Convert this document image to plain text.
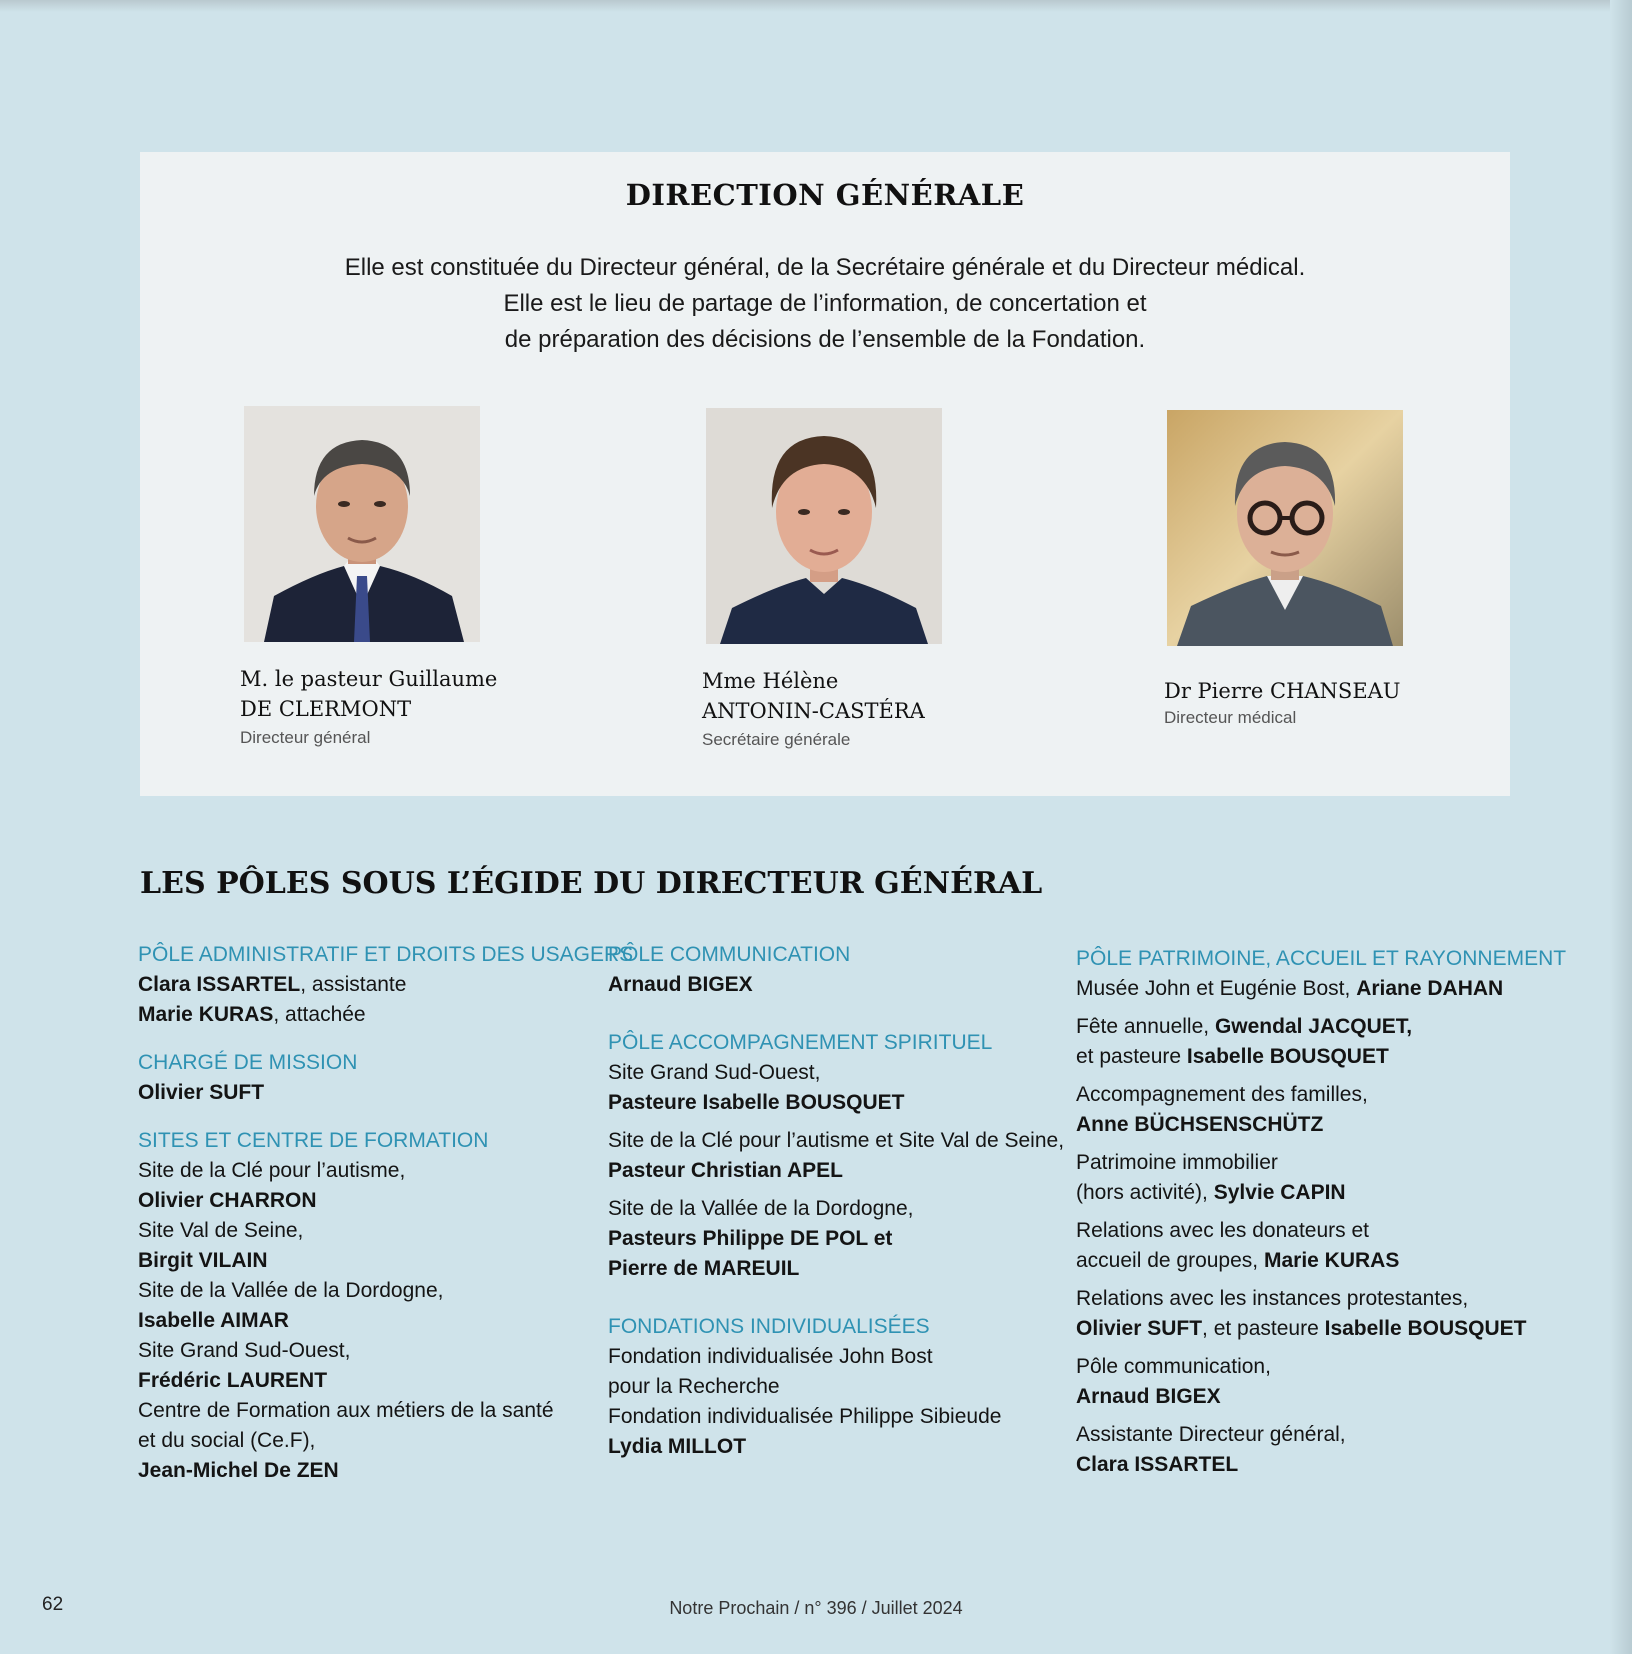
DIRECTION GÉNÉRALE
Elle est constituée du Directeur général, de la Secrétaire générale et du Directeur médical.
Elle est le lieu de partage de l’information, de concertation et
de préparation des décisions de l’ensemble de la Fondation.
M. le pasteur Guillaume
DE CLERMONT
Directeur général
Mme Hélène
ANTONIN-CASTÉRA
Secrétaire générale
Dr Pierre CHANSEAU
Directeur médical
LES PÔLES SOUS L’ÉGIDE DU DIRECTEUR GÉNÉRAL
PÔLE ADMINISTRATIF ET DROITS DES USAGERS
Clara ISSARTEL, assistante
Marie KURAS, attachée
CHARGÉ DE MISSION
Olivier SUFT
SITES ET CENTRE DE FORMATION
Site de la Clé pour l’autisme,
Olivier CHARRON
Site Val de Seine,
Birgit VILAIN
Site de la Vallée de la Dordogne,
Isabelle AIMAR
Site Grand Sud-Ouest,
Frédéric LAURENT
Centre de Formation aux métiers de la santé
et du social (Ce.F),
Jean-Michel De ZEN
PÔLE COMMUNICATION
Arnaud BIGEX
PÔLE ACCOMPAGNEMENT SPIRITUEL
Site Grand Sud-Ouest,
Pasteure Isabelle BOUSQUET
Site de la Clé pour l’autisme et Site Val de Seine,
Pasteur Christian APEL
Site de la Vallée de la Dordogne,
Pasteurs Philippe DE POL et
Pierre de MAREUIL
FONDATIONS INDIVIDUALISÉES
Fondation individualisée John Bost
pour la Recherche
Fondation individualisée Philippe Sibieude
Lydia MILLOT
PÔLE PATRIMOINE, ACCUEIL ET RAYONNEMENT
Musée John et Eugénie Bost, Ariane DAHAN
Fête annuelle, Gwendal JACQUET,
et pasteure Isabelle BOUSQUET
Accompagnement des familles,
Anne BÜCHSENSCHÜTZ
Patrimoine immobilier
(hors activité), Sylvie CAPIN
Relations avec les donateurs et
accueil de groupes, Marie KURAS
Relations avec les instances protestantes,
Olivier SUFT, et pasteure Isabelle BOUSQUET
Pôle communication,
Arnaud BIGEX
Assistante Directeur général,
Clara ISSARTEL
62	Notre Prochain / n° 396 / Juillet 2024
